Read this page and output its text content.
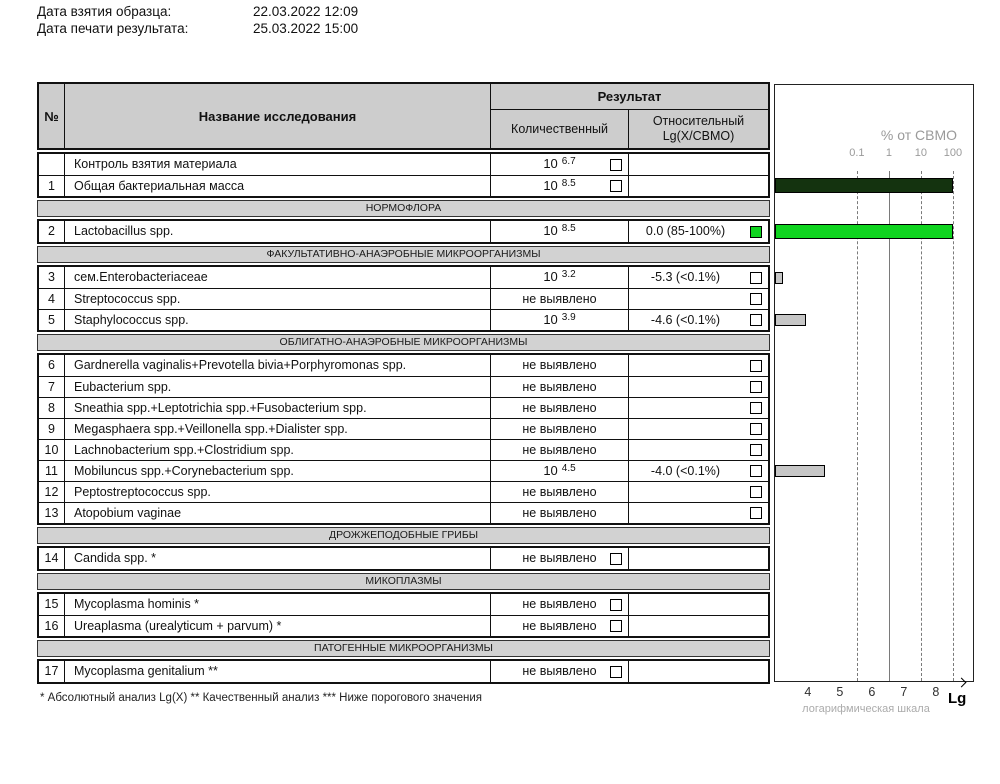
Дата взятия образца:	22.03.2022 12:09
Дата печати результата:	25.03.2022 15:00
№	Название исследования
Результат
Количественный
Относительный
Lg(X/СВМО)
Контроль взятия материала	10 $^{6.7}$
1	Общая бактериальная масса	10 $^{8.5}$
НОРМОФЛОРА
2	Lactobacillus spp.	10 $^{8.5}$	0.0 (85-100%)
ФАКУЛЬТАТИВНО-АНАЭРОБНЫЕ МИКРООРГАНИЗМЫ
3	сем.Enterobacteriaceae	10 $^{3.2}$	-5.3 (<0.1%)
4	Streptococcus spp.	не выявлено
5	Staphylococcus spp.	10 $^{3.9}$	-4.6 (<0.1%)
ОБЛИГАТНО-АНАЭРОБНЫЕ МИКРООРГАНИЗМЫ
6	Gardnerella vaginalis+Prevotella bivia+Porphyromonas spp.	не выявлено
7	Eubacterium spp.	не выявлено
8	Sneathia spp.+Leptotrichia spp.+Fusobacterium spp.	не выявлено
9	Megasphaera spp.+Veillonella spp.+Dialister spp.	не выявлено
10	Lachnobacterium spp.+Clostridium spp.	не выявлено
11	Mobiluncus spp.+Corynebacterium spp.	10 $^{4.5}$	-4.0 (<0.1%)
12	Peptostreptococcus spp.	не выявлено
13	Atopobium vaginae	не выявлено
ДРОЖЖЕПОДОБНЫЕ ГРИБЫ
14	Candida spp. *	не выявлено
МИКОПЛАЗМЫ
15	Mycoplasma hominis *	не выявлено
16	Ureaplasma (urealyticum + parvum) *	не выявлено
ПАТОГЕННЫЕ МИКРООРГАНИЗМЫ
17	Mycoplasma genitalium **	не выявлено
* Абсолютный анализ Lg(X) ** Качественный анализ *** Ниже порогового значения
% от СВМО
0.1 1 10 100
Lg
логарифмическая шкала
4 5 6 7 8
